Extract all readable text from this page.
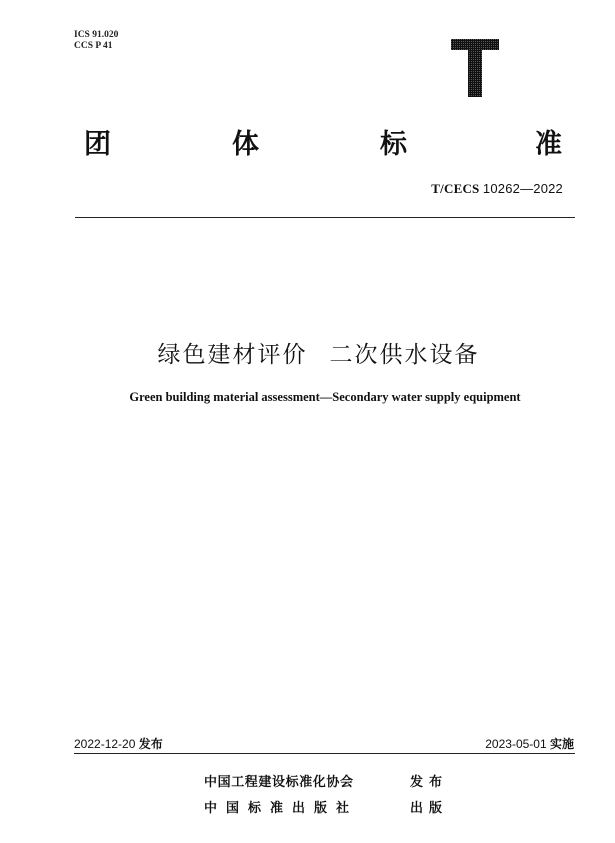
ICS 91.020
CCS P 41
团	体	标	准
T/CECS 10262—2022
绿色建材评价 二次供水设备
Green building material assessment—Secondary water supply equipment
2022-12-20 发布	2023-05-01 实施
中国工程建设标准化协会	发布
中国标准出版社	出版
